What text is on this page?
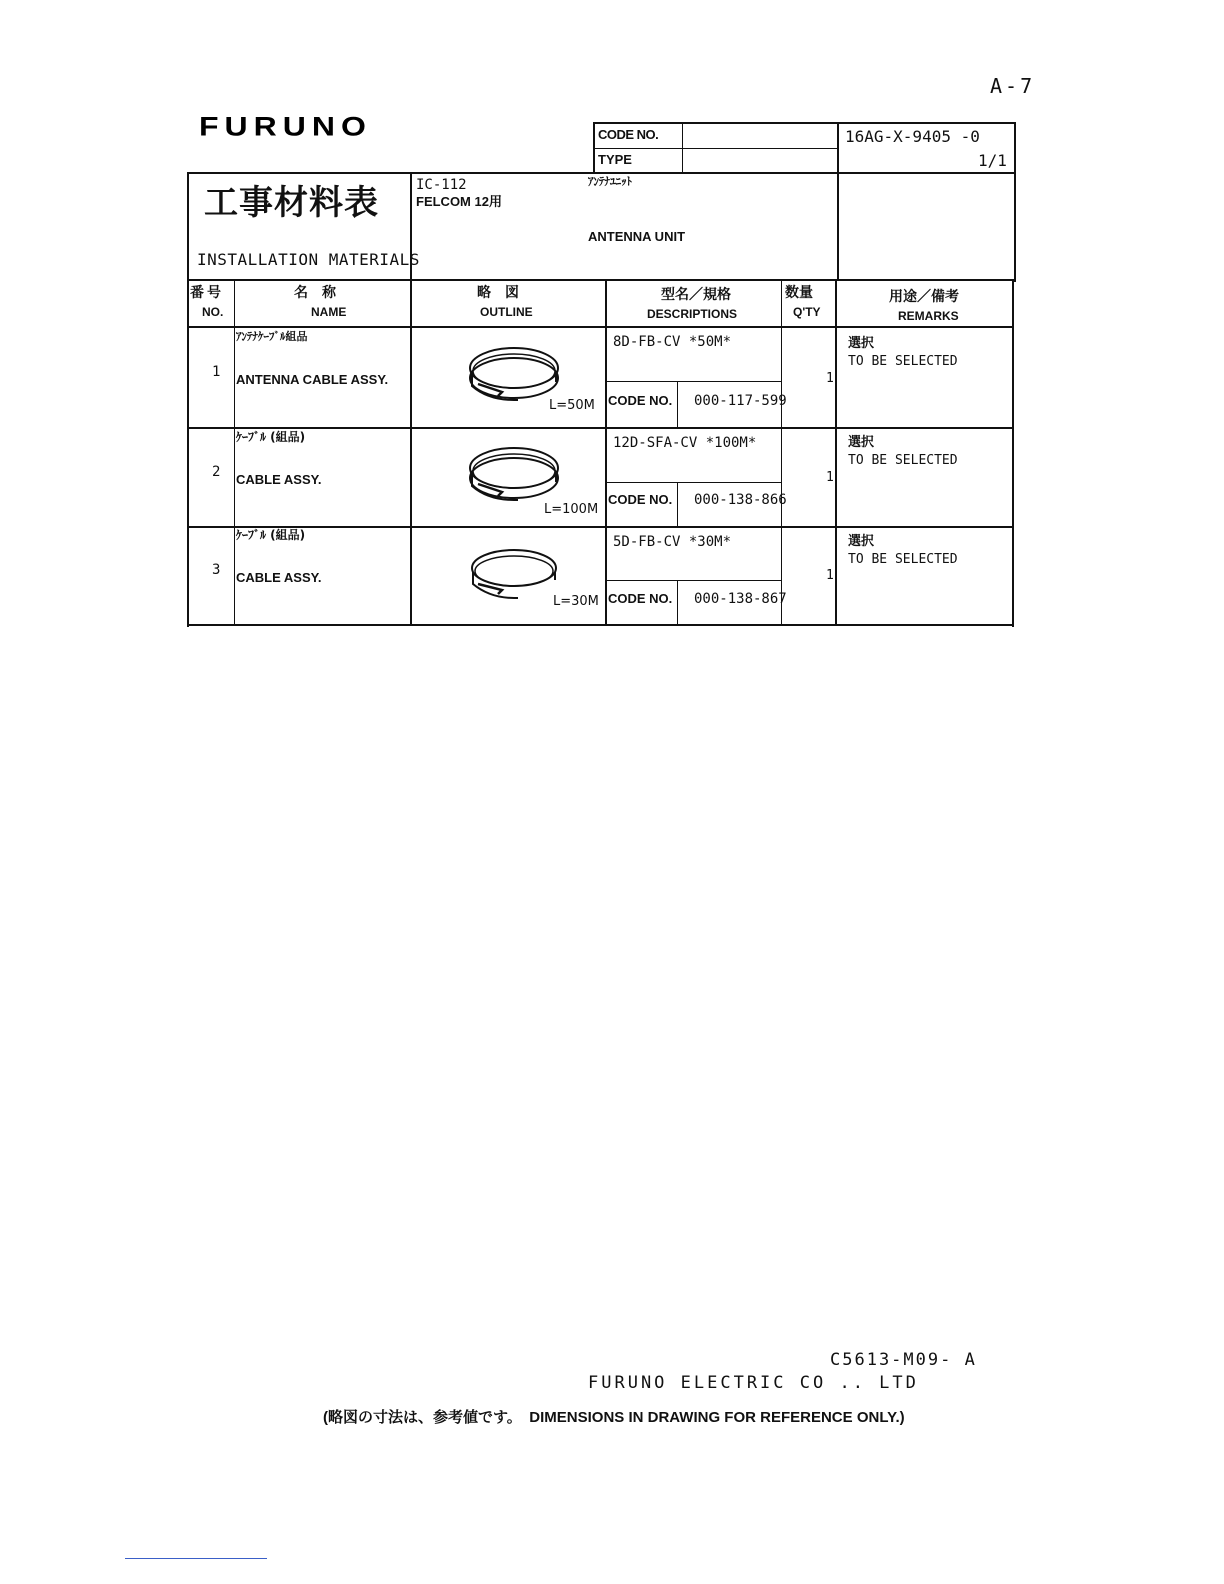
A-7
FURUNO	CODE NO.
TYPE
16AG-X-9405 -0
1/1
工事材料表
INSTALLATION MATERIALS
IC-112
FELCOM 12用
ｱﾝﾃﾅﾕﾆｯﾄ
ANTENNA UNIT
番号
NO.
名　称
NAME
略　図
OUTLINE
型名／規格
DESCRIPTIONS
数量
Q'TY
用途／備考
REMARKS
1
ｱﾝﾃﾅｹｰﾌﾞﾙ組品
ANTENNA CABLE ASSY.
L=50M
8D-FB-CV *50M*
CODE NO. 000-117-599
1
選択
TO BE SELECTED
2
ｹｰﾌﾞﾙ (組品)
CABLE ASSY.
L=100M
12D-SFA-CV *100M*
CODE NO. 000-138-866
1
選択
TO BE SELECTED
3
ｹｰﾌﾞﾙ (組品)
CABLE ASSY.
L=30M
5D-FB-CV *30M*
CODE NO. 000-138-867
1
選択
TO BE SELECTED
C5613-M09- A
FURUNO ELECTRIC CO .. LTD
(略図の寸法は、参考値です。　DIMENSIONS IN DRAWING FOR REFERENCE ONLY.)
